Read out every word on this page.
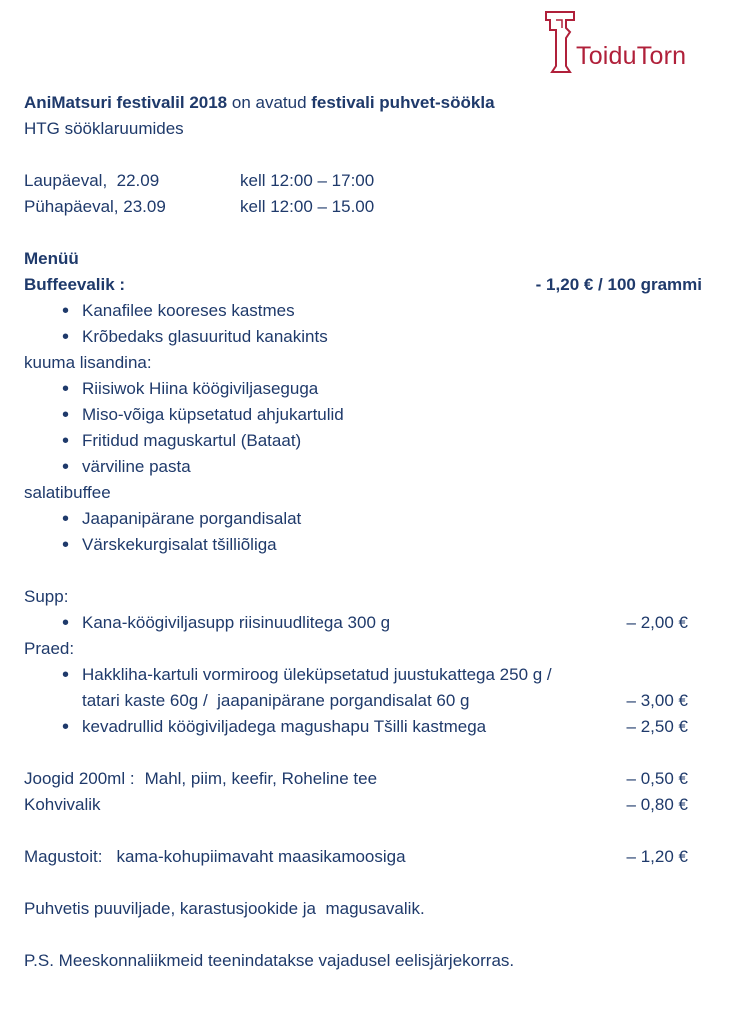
ToiduTorn
AniMatsuri festivalil 2018 on avatud festivali puhvet-söökla
HTG sööklaruumides
Laupäeval,  22.09	kell 12:00 – 17:00
Pühapäeval, 23.09	kell 12:00 – 15.00
Menüü
Buffeevalik :	- 1,20 € / 100 grammi
•
Kanafilee kooreses kastmes
•
Krõbedaks glasuuritud kanakints
kuuma lisandina:
•
Riisiwok Hiina köögiviljaseguga
•
Miso-võiga küpsetatud ahjukartulid
•
Fritidud maguskartul (Bataat)
•
värviline pasta
salatibuffee
•
Jaapanipärane porgandisalat
•
Värskekurgisalat tšilliõliga
Supp:
•
Kana-köögiviljasupp riisinuudlitega 300 g	– 2,00 €
Praed:
•
Hakkliha-kartuli vormiroog üleküpsetatud juustukattega 250 g /
tatari kaste 60g /  jaapanipärane porgandisalat 60 g	– 3,00 €
•
kevadrullid köögiviljadega magushapu Tšilli kastmega	– 2,50 €
Joogid 200ml : Mahl, piim, keefir, Roheline tee	– 0,50 €
Kohvivalik	– 0,80 €
Magustoit: kama-kohupiimavaht maasikamoosiga	– 1,20 €
Puhvetis puuviljade, karastusjookide ja  magusavalik.
P.S. Meeskonnaliikmeid teenindatakse vajadusel eelisjärjekorras.
